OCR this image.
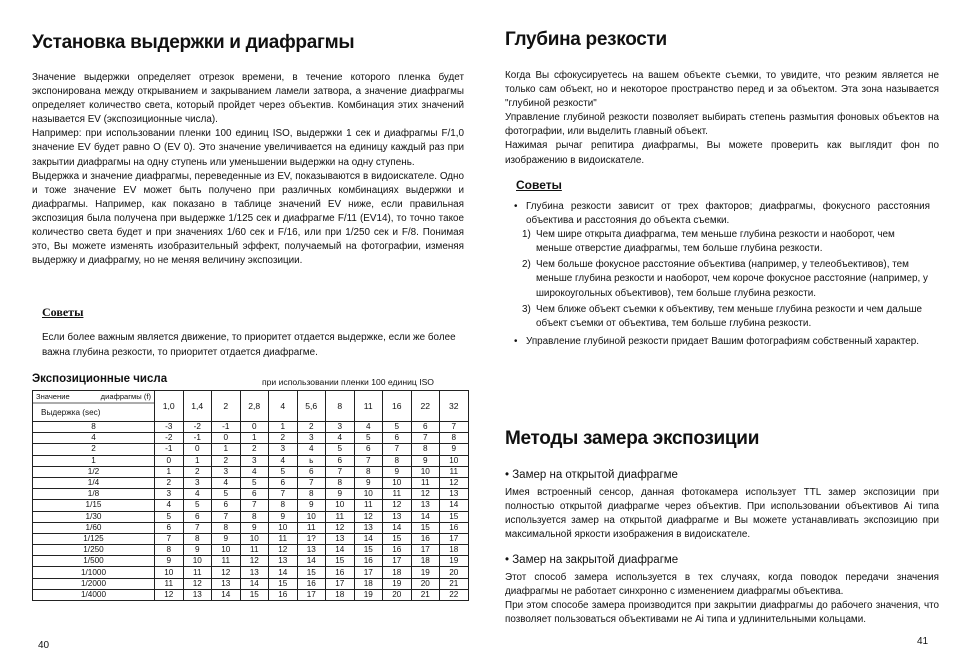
Установка выдержки и диафрагмы

Значение выдержки определяет отрезок времени, в течение которого пленка будет экспонирована между открыванием и закрыванием ламели затвора, а значение диафрагмы определяет количество света, который пройдет через объектив. Комбинация этих значений называется EV (экспозиционные числа).

Например: при использовании пленки 100 единиц ISO, выдержки 1 сек и диафрагмы F/1,0 значение EV будет равно О (EV 0). Это значение увеличивается на единицу каждый раз при закрытии диафрагмы на одну ступень или уменьшении выдержки на одну ступень.

Выдержка и значение диафрагмы, переведенные из EV, показываются в видоискателе. Одно и тоже значение EV может быть получено при различных комбинациях выдержки и диафрагмы. Например, как показано в таблице значений EV ниже, если правильная экспозиция была получена при выдержке 1/125 сек и диафрагме F/11 (EV14), то точно такое количество света будет и при значениях 1/60 сек и F/16, или при 1/250 сек и F/8. Понимая это, Вы можете изменять изобразительный эффект, получаемый на фотографии, изменяя выдержку и диафрагму, но не меняя величину экспозиции.

Советы
Если более важным является движение, то приоритет отдается выдержке, если же более важна глубина резкости, то приоритет отдается диафрагме.
Экспозиционные числа	при использовании пленки 100 единиц ISO
Значение диафрагмы (f)
Выдержка (sec)	1,0	1,4	2	2,8	4	5,6	8	11	16	22	32
8	-3	-2	-1	0	1	2	3	4	5	6	7
4	-2	-1	0	1	2	3	4	5	6	7	8
2	-1	0	1	2	3	4	5	6	7	8	9
1	0	1	2	3	4	ь	6	7	8	9	10
1/2	1	2	3	4	5	6	7	8	9	10	11
1/4	2	3	4	5	6	7	8	9	10	11	12
1/8	3	4	5	6	7	8	9	10	11	12	13
1/15	4	5	6	7	8	9	10	11	12	13	14
1/30	5	6	7	8	9	10	11	12	13	14	15
1/60	6	7	8	9	10	11	12	13	14	15	16
1/125	7	8	9	10	11	1?	13	14	15	16	17
1/250	8	9	10	11	12	13	14	15	16	17	18
1/500	9	10	11	12	13	14	15	16	17	18	19
1/1000	10	11	12	13	14	15	16	17	18	19	20
1/2000	11	12	13	14	15	16	17	18	19	20	21
1/4000	12	13	14	15	16	17	18	19	20	21	22
40
Глубина резкости

Когда Вы сфокусируетесь на вашем объекте съемки, то увидите, что резким является не только сам объект, но и некоторое пространство перед и за объектом. Эта зона называется "глубиной резкости"

Управление глубиной резкости позволяет выбирать степень размытия фоновых объектов на фотографии, или выделить главный объект.

Нажимая рычаг репитира диафрагмы, Вы можете проверить как выглядит фон по изображению в видоискателе.

Советы
• Глубина резкости зависит от трех факторов; диафрагмы, фокусного расстояния объектива и расстояния до объекта съемки.
1) Чем шире открыта диафрагма, тем меньше глубина резкости и наоборот, чем меньше отверстие диафрагмы, тем больше глубина резкости.
2) Чем больше фокусное расстояние объектива (например, у телеобъективов), тем меньше глубина резкости и наоборот, чем короче фокусное расстояние (например, у широкоугольных объективов), тем больше глубина резкости.
3) Чем ближе объект съемки к объективу, тем меньше глубина резкости и чем дальше объект съемки от объектива, тем больше глубина резкости.
• Управление глубиной резкости придает Вашим фотографиям собственный характер.
Методы замера экспозиции
• Замер на открытой диафрагме
Имея встроенный сенсор, данная фотокамера использует TTL замер экспозиции при полностью открытой диафрагме через объектив. При использовании объективов Ai типа используется замер на открытой диафрагме и Вы можете устанавливать экспозицию при максимальной яркости изображения в видоискателе.
• Замер на закрытой диафрагме

Этот способ замера используется в тех случаях, когда поводок передачи значения диафрагмы не работает синхронно с изменением диафрагмы объектива.

При этом способе замера производится при закрытии диафрагмы до рабочего значения, что позволяет пользоваться объективами не Ai типа и удлинительными кольцами.

41
